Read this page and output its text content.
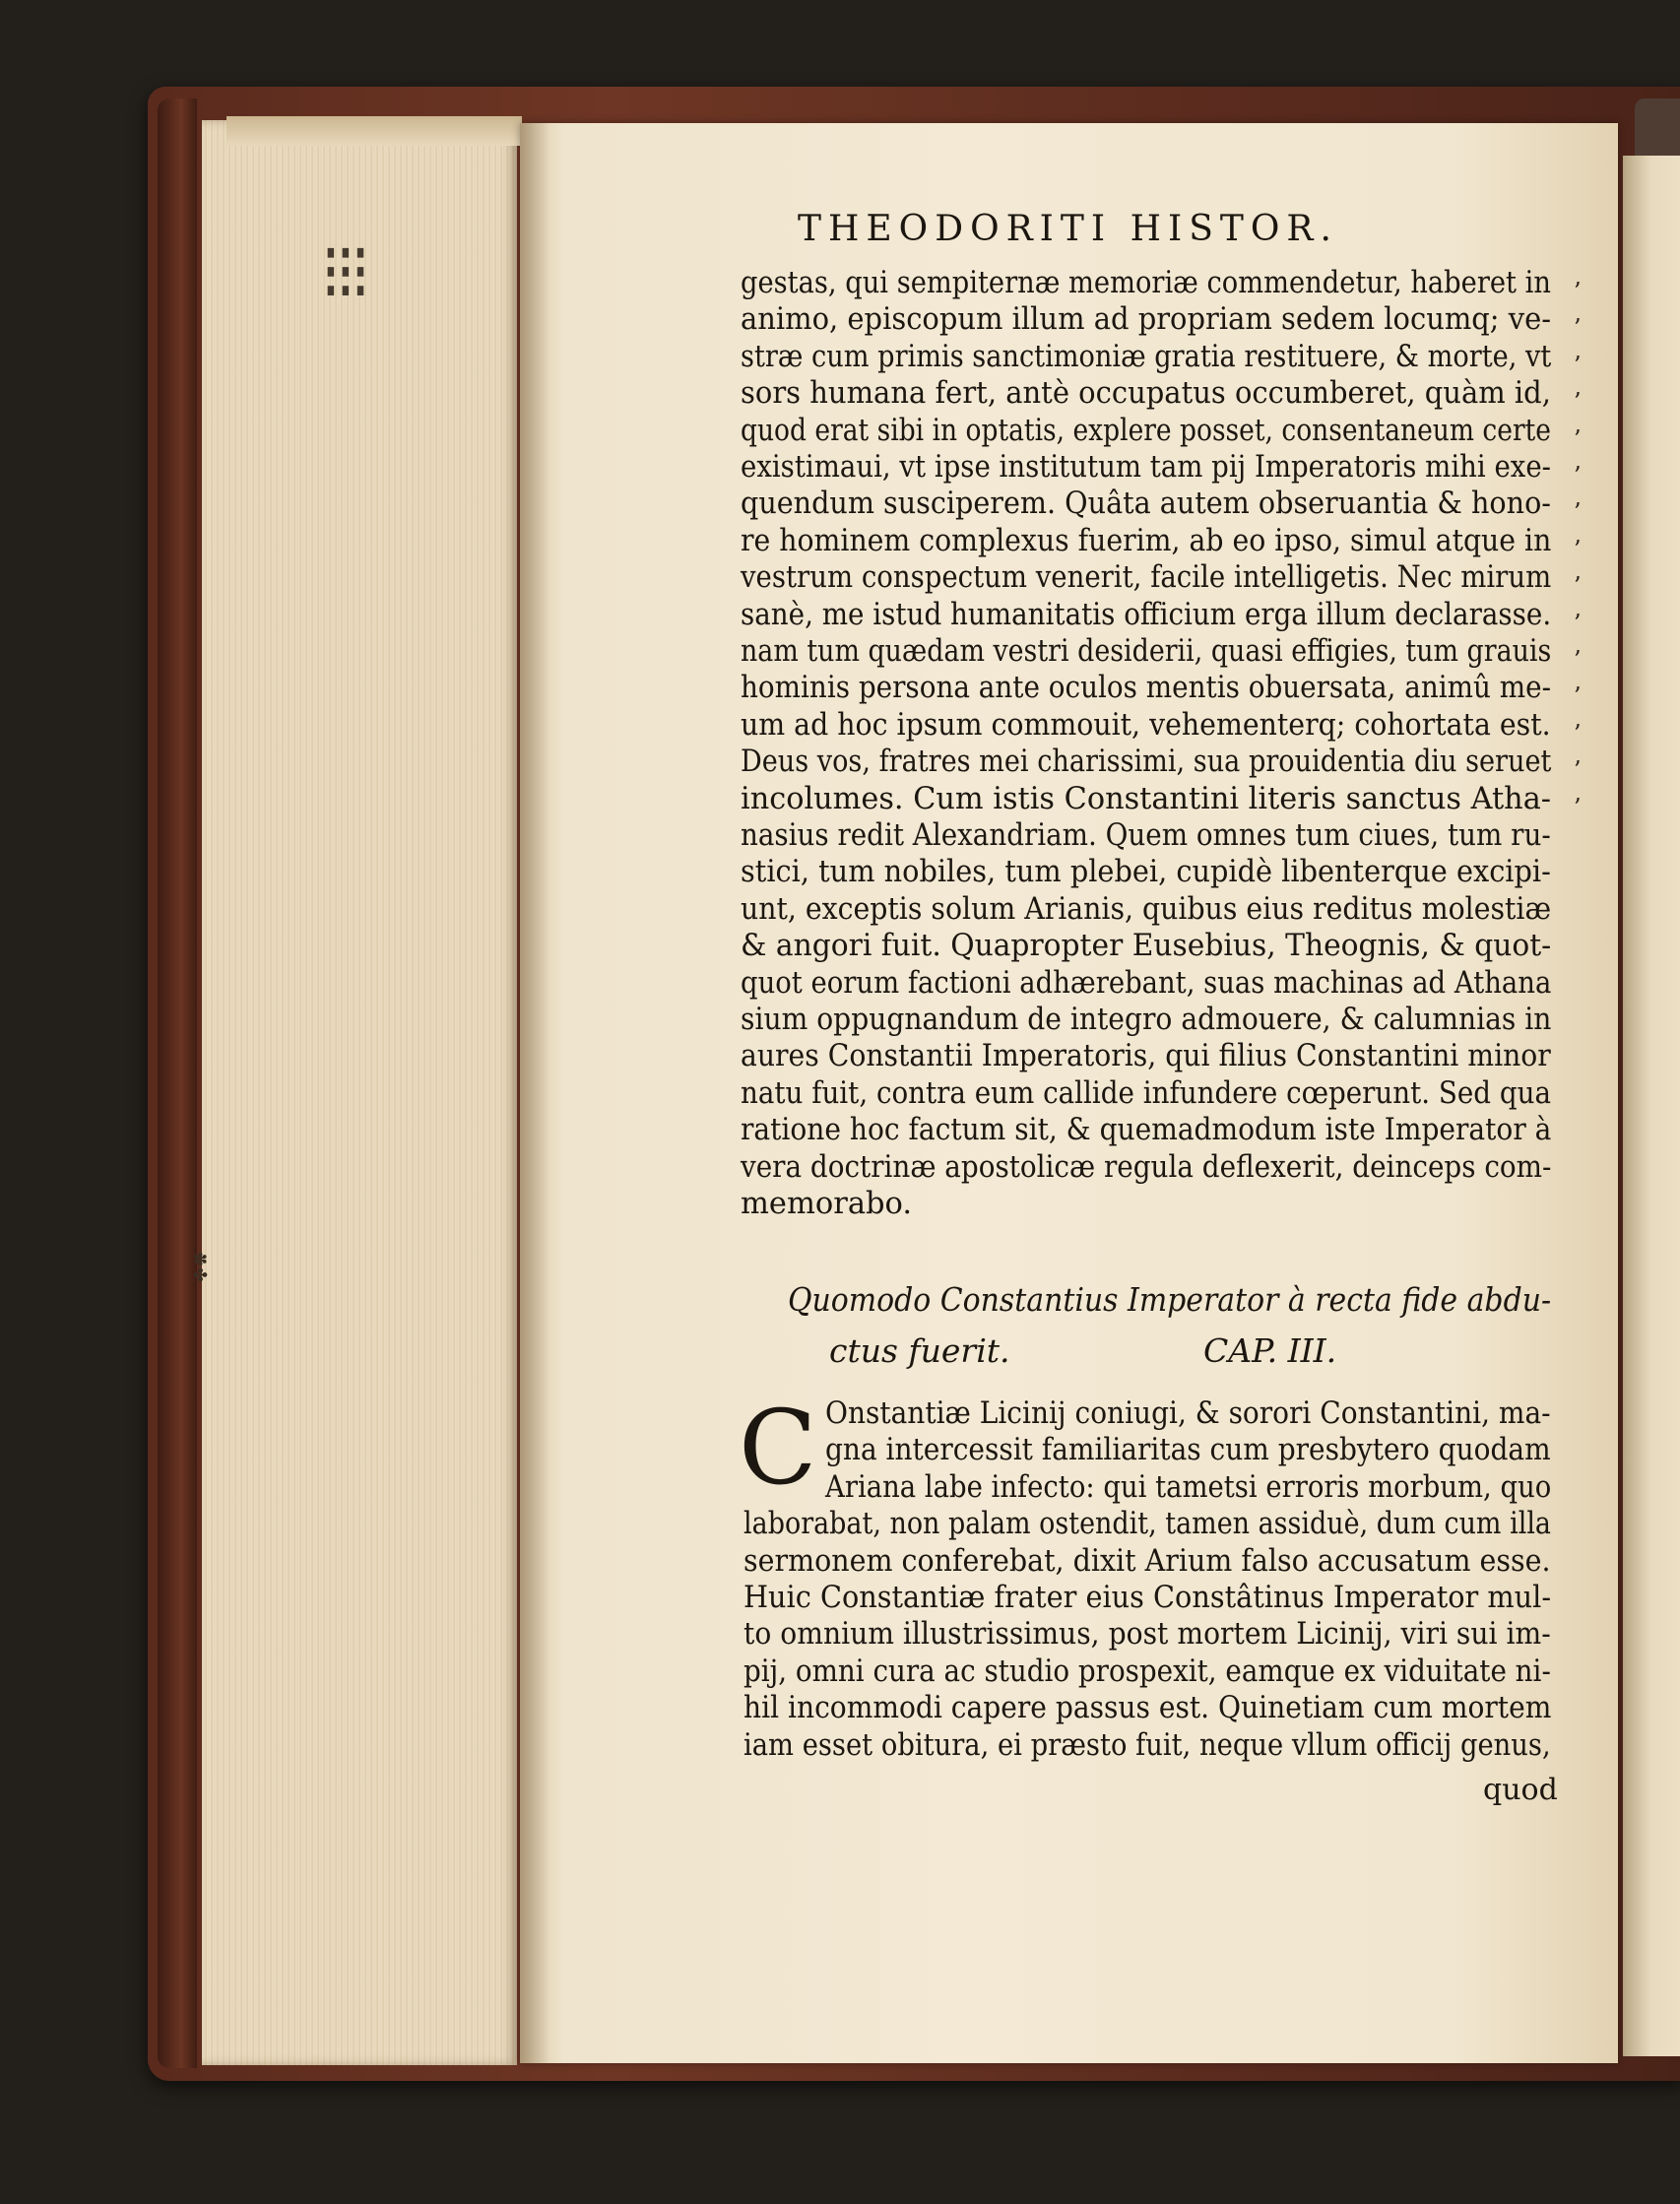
⁝⁝⁝
✽
✤
THEODORITI HISTOR.
gestas, qui sempiternæ memoriæ commendetur, haberet in
animo, episcopum illum ad propriam sedem locumq; ve-
stræ cum primis sanctimoniæ gratia restituere, & morte, vt
sors humana fert, antè occupatus occumberet, quàm id,
quod erat sibi in optatis, explere posset, consentaneum certe
existimaui, vt ipse institutum tam pij Imperatoris mihi exe-
quendum susciperem. Quâta autem obseruantia & hono-
re hominem complexus fuerim, ab eo ipso, simul atque in
vestrum conspectum venerit, facile intelligetis. Nec mirum
sanè, me istud humanitatis officium erga illum declarasse.
nam tum quædam vestri desiderii, quasi effigies, tum grauis
hominis persona ante oculos mentis obuersata, animû me-
um ad hoc ipsum commouit, vehementerq; cohortata est.
Deus vos, fratres mei charissimi, sua prouidentia diu seruet
incolumes. Cum istis Constantini literis sanctus Atha-
nasius redit Alexandriam. Quem omnes tum ciues, tum ru-
stici, tum nobiles, tum plebei, cupidè libenterque excipi-
unt, exceptis solum Arianis, quibus eius reditus molestiæ
& angori fuit. Quapropter Eusebius, Theognis, & quot-
quot eorum factioni adhærebant, suas machinas ad Athana
sium oppugnandum de integro admouere, & calumnias in
aures Constantii Imperatoris, qui filius Constantini minor
natu fuit, contra eum callide infundere cœperunt. Sed qua
ratione hoc factum sit, & quemadmodum iste Imperator à
vera doctrinæ apostolicæ regula deflexerit, deinceps com-
memorabo.
Quomodo Constantius Imperator à recta fide abdu-
ctus fuerit.	CAP. III.
C Onstantiæ Licinij coniugi, & sorori Constantini, ma-
gna intercessit familiaritas cum presbytero quodam
Ariana labe infecto: qui tametsi erroris morbum, quo
laborabat, non palam ostendit, tamen assiduè, dum cum illa
sermonem conferebat, dixit Arium falso accusatum esse.
Huic Constantiæ frater eius Constâtinus Imperator mul-
to omnium illustrissimus, post mortem Licinij, viri sui im-
pij, omni cura ac studio prospexit, eamque ex viduitate ni-
hil incommodi capere passus est. Quinetiam cum mortem
iam esset obitura, ei præsto fuit, neque vllum officij genus,
quod
’
’
’
’
’
’
’
’
’
’
’
’
’
’
’
